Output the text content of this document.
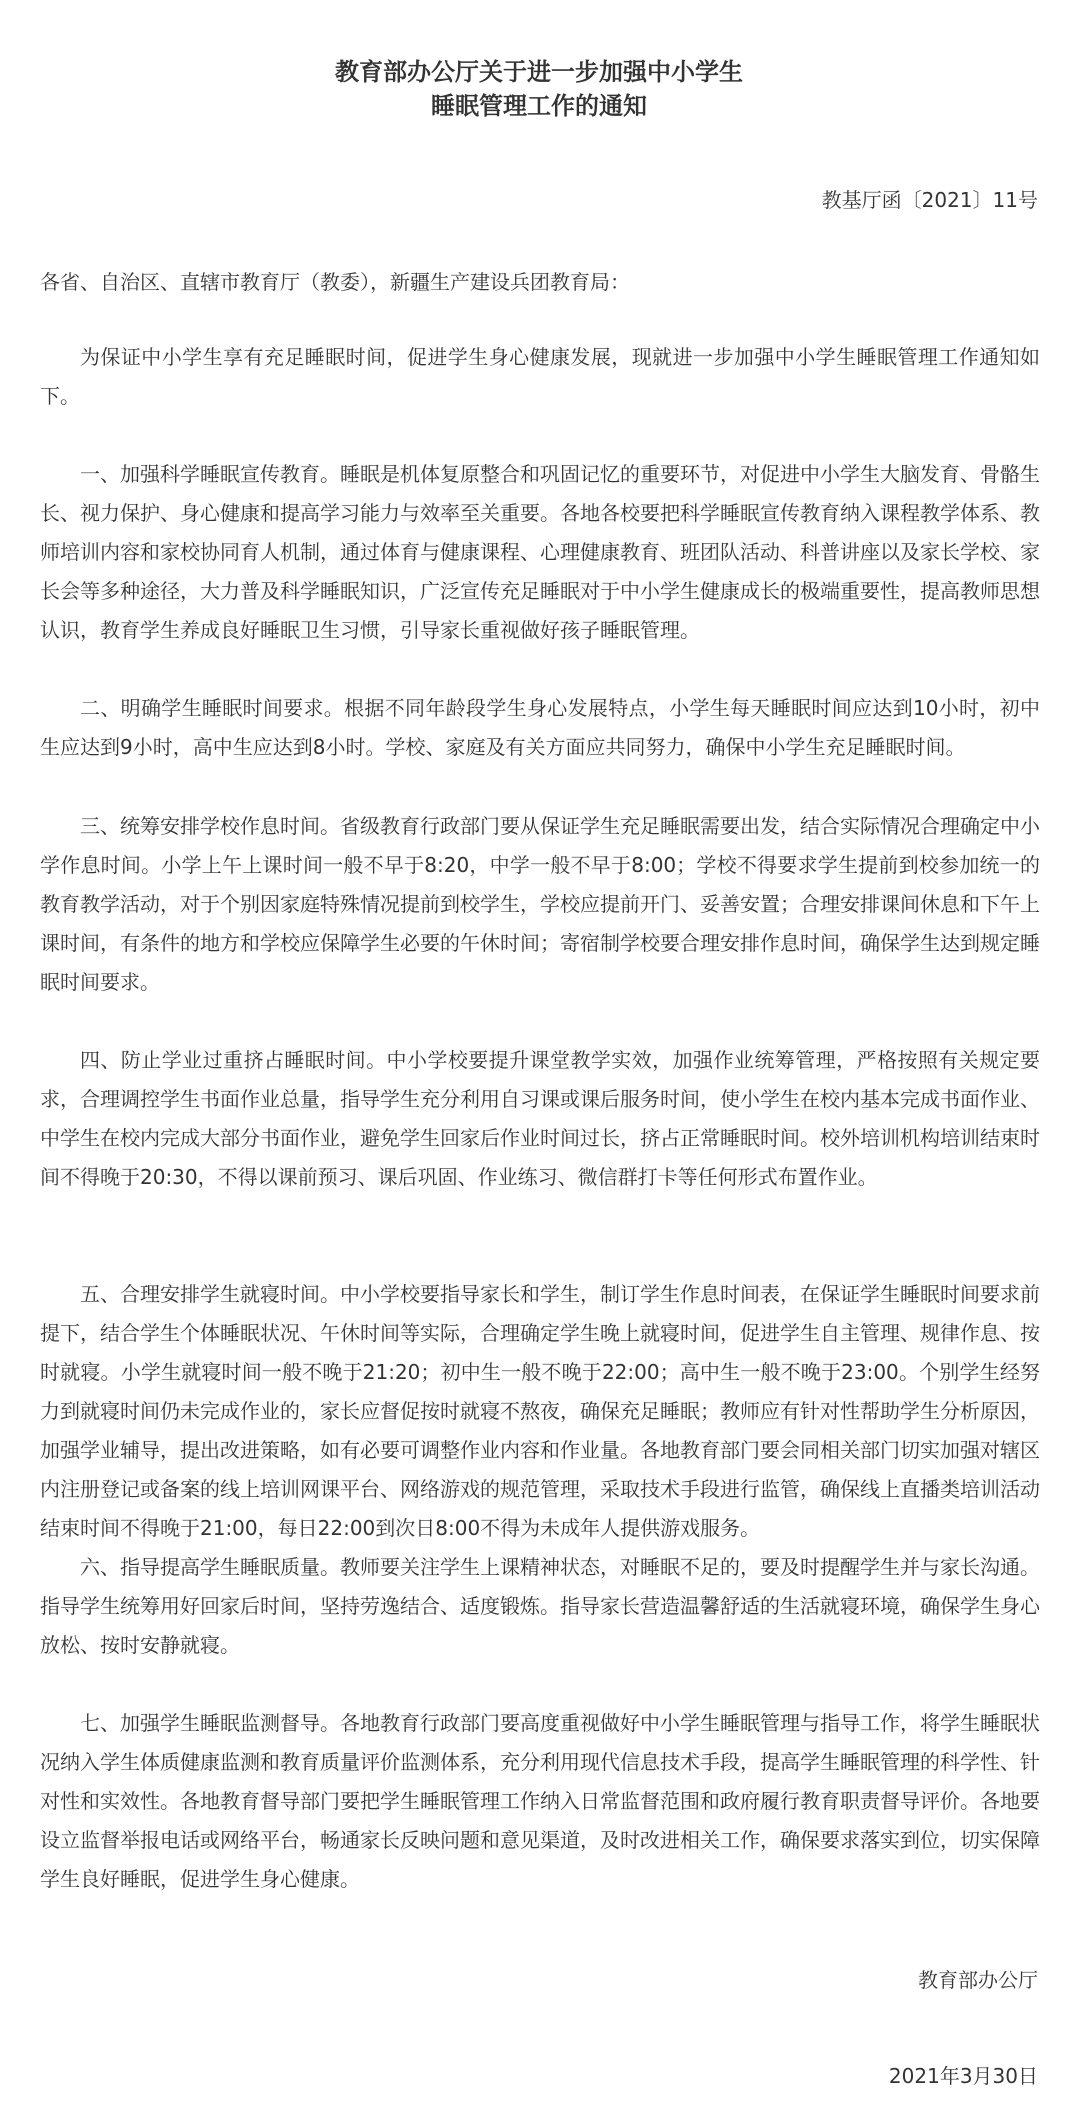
教育部办公厅关于进一步加强中小学生
睡眠管理工作的通知
教基厅函〔2021〕11号
各省、自治区、直辖市教育厅（教委），新疆生产建设兵团教育局：
为保证中小学生享有充足睡眠时间，促进学生身心健康发展，现就进一步加强中小学生睡眠管理工作通知如下。
一、加强科学睡眠宣传教育。睡眠是机体复原整合和巩固记忆的重要环节，对促进中小学生大脑发育、骨骼生长、视力保护、身心健康和提高学习能力与效率至关重要。各地各校要把科学睡眠宣传教育纳入课程教学体系、教师培训内容和家校协同育人机制，通过体育与健康课程、心理健康教育、班团队活动、科普讲座以及家长学校、家长会等多种途径，大力普及科学睡眠知识，广泛宣传充足睡眠对于中小学生健康成长的极端重要性，提高教师思想认识，教育学生养成良好睡眠卫生习惯，引导家长重视做好孩子睡眠管理。
二、明确学生睡眠时间要求。根据不同年龄段学生身心发展特点，小学生每天睡眠时间应达到10小时，初中生应达到9小时，高中生应达到8小时。学校、家庭及有关方面应共同努力，确保中小学生充足睡眠时间。
三、统筹安排学校作息时间。省级教育行政部门要从保证学生充足睡眠需要出发，结合实际情况合理确定中小学作息时间。小学上午上课时间一般不早于8:20，中学一般不早于8:00；学校不得要求学生提前到校参加统一的教育教学活动，对于个别因家庭特殊情况提前到校学生，学校应提前开门、妥善安置；合理安排课间休息和下午上课时间，有条件的地方和学校应保障学生必要的午休时间；寄宿制学校要合理安排作息时间，确保学生达到规定睡眠时间要求。
四、防止学业过重挤占睡眠时间。中小学校要提升课堂教学实效，加强作业统筹管理，严格按照有关规定要求，合理调控学生书面作业总量，指导学生充分利用自习课或课后服务时间，使小学生在校内基本完成书面作业、中学生在校内完成大部分书面作业，避免学生回家后作业时间过长，挤占正常睡眠时间。校外培训机构培训结束时间不得晚于20:30，不得以课前预习、课后巩固、作业练习、微信群打卡等任何形式布置作业。
五、合理安排学生就寝时间。中小学校要指导家长和学生，制订学生作息时间表，在保证学生睡眠时间要求前提下，结合学生个体睡眠状况、午休时间等实际，合理确定学生晚上就寝时间，促进学生自主管理、规律作息、按时就寝。小学生就寝时间一般不晚于21:20；初中生一般不晚于22:00；高中生一般不晚于23:00。个别学生经努力到就寝时间仍未完成作业的，家长应督促按时就寝不熬夜，确保充足睡眠；教师应有针对性帮助学生分析原因，加强学业辅导，提出改进策略，如有必要可调整作业内容和作业量。各地教育部门要会同相关部门切实加强对辖区内注册登记或备案的线上培训网课平台、网络游戏的规范管理，采取技术手段进行监管，确保线上直播类培训活动结束时间不得晚于21:00，每日22:00到次日8:00不得为未成年人提供游戏服务。
六、指导提高学生睡眠质量。教师要关注学生上课精神状态，对睡眠不足的，要及时提醒学生并与家长沟通。指导学生统筹用好回家后时间，坚持劳逸结合、适度锻炼。指导家长营造温馨舒适的生活就寝环境，确保学生身心放松、按时安静就寝。
七、加强学生睡眠监测督导。各地教育行政部门要高度重视做好中小学生睡眠管理与指导工作，将学生睡眠状况纳入学生体质健康监测和教育质量评价监测体系，充分利用现代信息技术手段，提高学生睡眠管理的科学性、针对性和实效性。各地教育督导部门要把学生睡眠管理工作纳入日常监督范围和政府履行教育职责督导评价。各地要设立监督举报电话或网络平台，畅通家长反映问题和意见渠道，及时改进相关工作，确保要求落实到位，切实保障学生良好睡眠，促进学生身心健康。
教育部办公厅
2021年3月30日
